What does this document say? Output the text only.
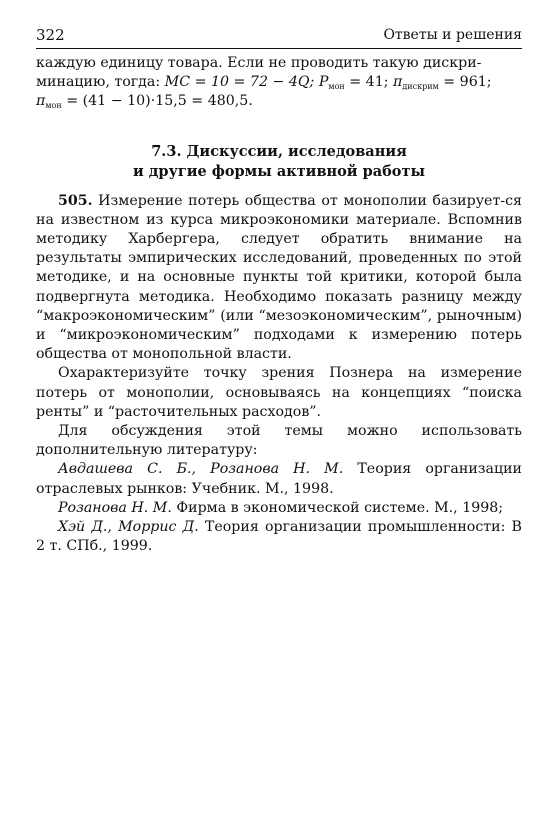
322	Ответы и решения

каждую единицу товара. Если не проводить такую дискри-
минацию, тогда: MC = 10 = 72 − 4Q; $P_{мон} = 41$; $\pi_{дискрим} = 961$;
$\pi_{мон} = (41 - 10)\cdot 15,5 = 480,5$.

7.3. Дискуссии, исследования
и другие формы активной работы

505. Измерение потерь общества от монополии базирует-ся на известном из курса микроэкономики материале. Вспомнив методику Харбергера, следует обратить внимание на результаты эмпирических исследований, проведенных по этой методике, и на основные пункты той критики, которой была подвергнута методика. Необходимо показать разницу между “макроэкономическим” (или “мезоэкономическим”, рыночным) и “микроэкономическим” подходами к измерению потерь общества от монопольной власти.

Охарактеризуйте точку зрения Познера на измерение потерь от монополии, основываясь на концепциях “поиска ренты” и “расточительных расходов”.

Для обсуждения этой темы можно использовать дополнительную литературу:

Авдашева С. Б., Розанова Н. М. Теория организации отраслевых рынков: Учебник. М., 1998.

Розанова Н. М. Фирма в экономической системе. М., 1998;

Хэй Д., Моррис Д. Теория организации промышленности: В 2 т. СПб., 1999.
